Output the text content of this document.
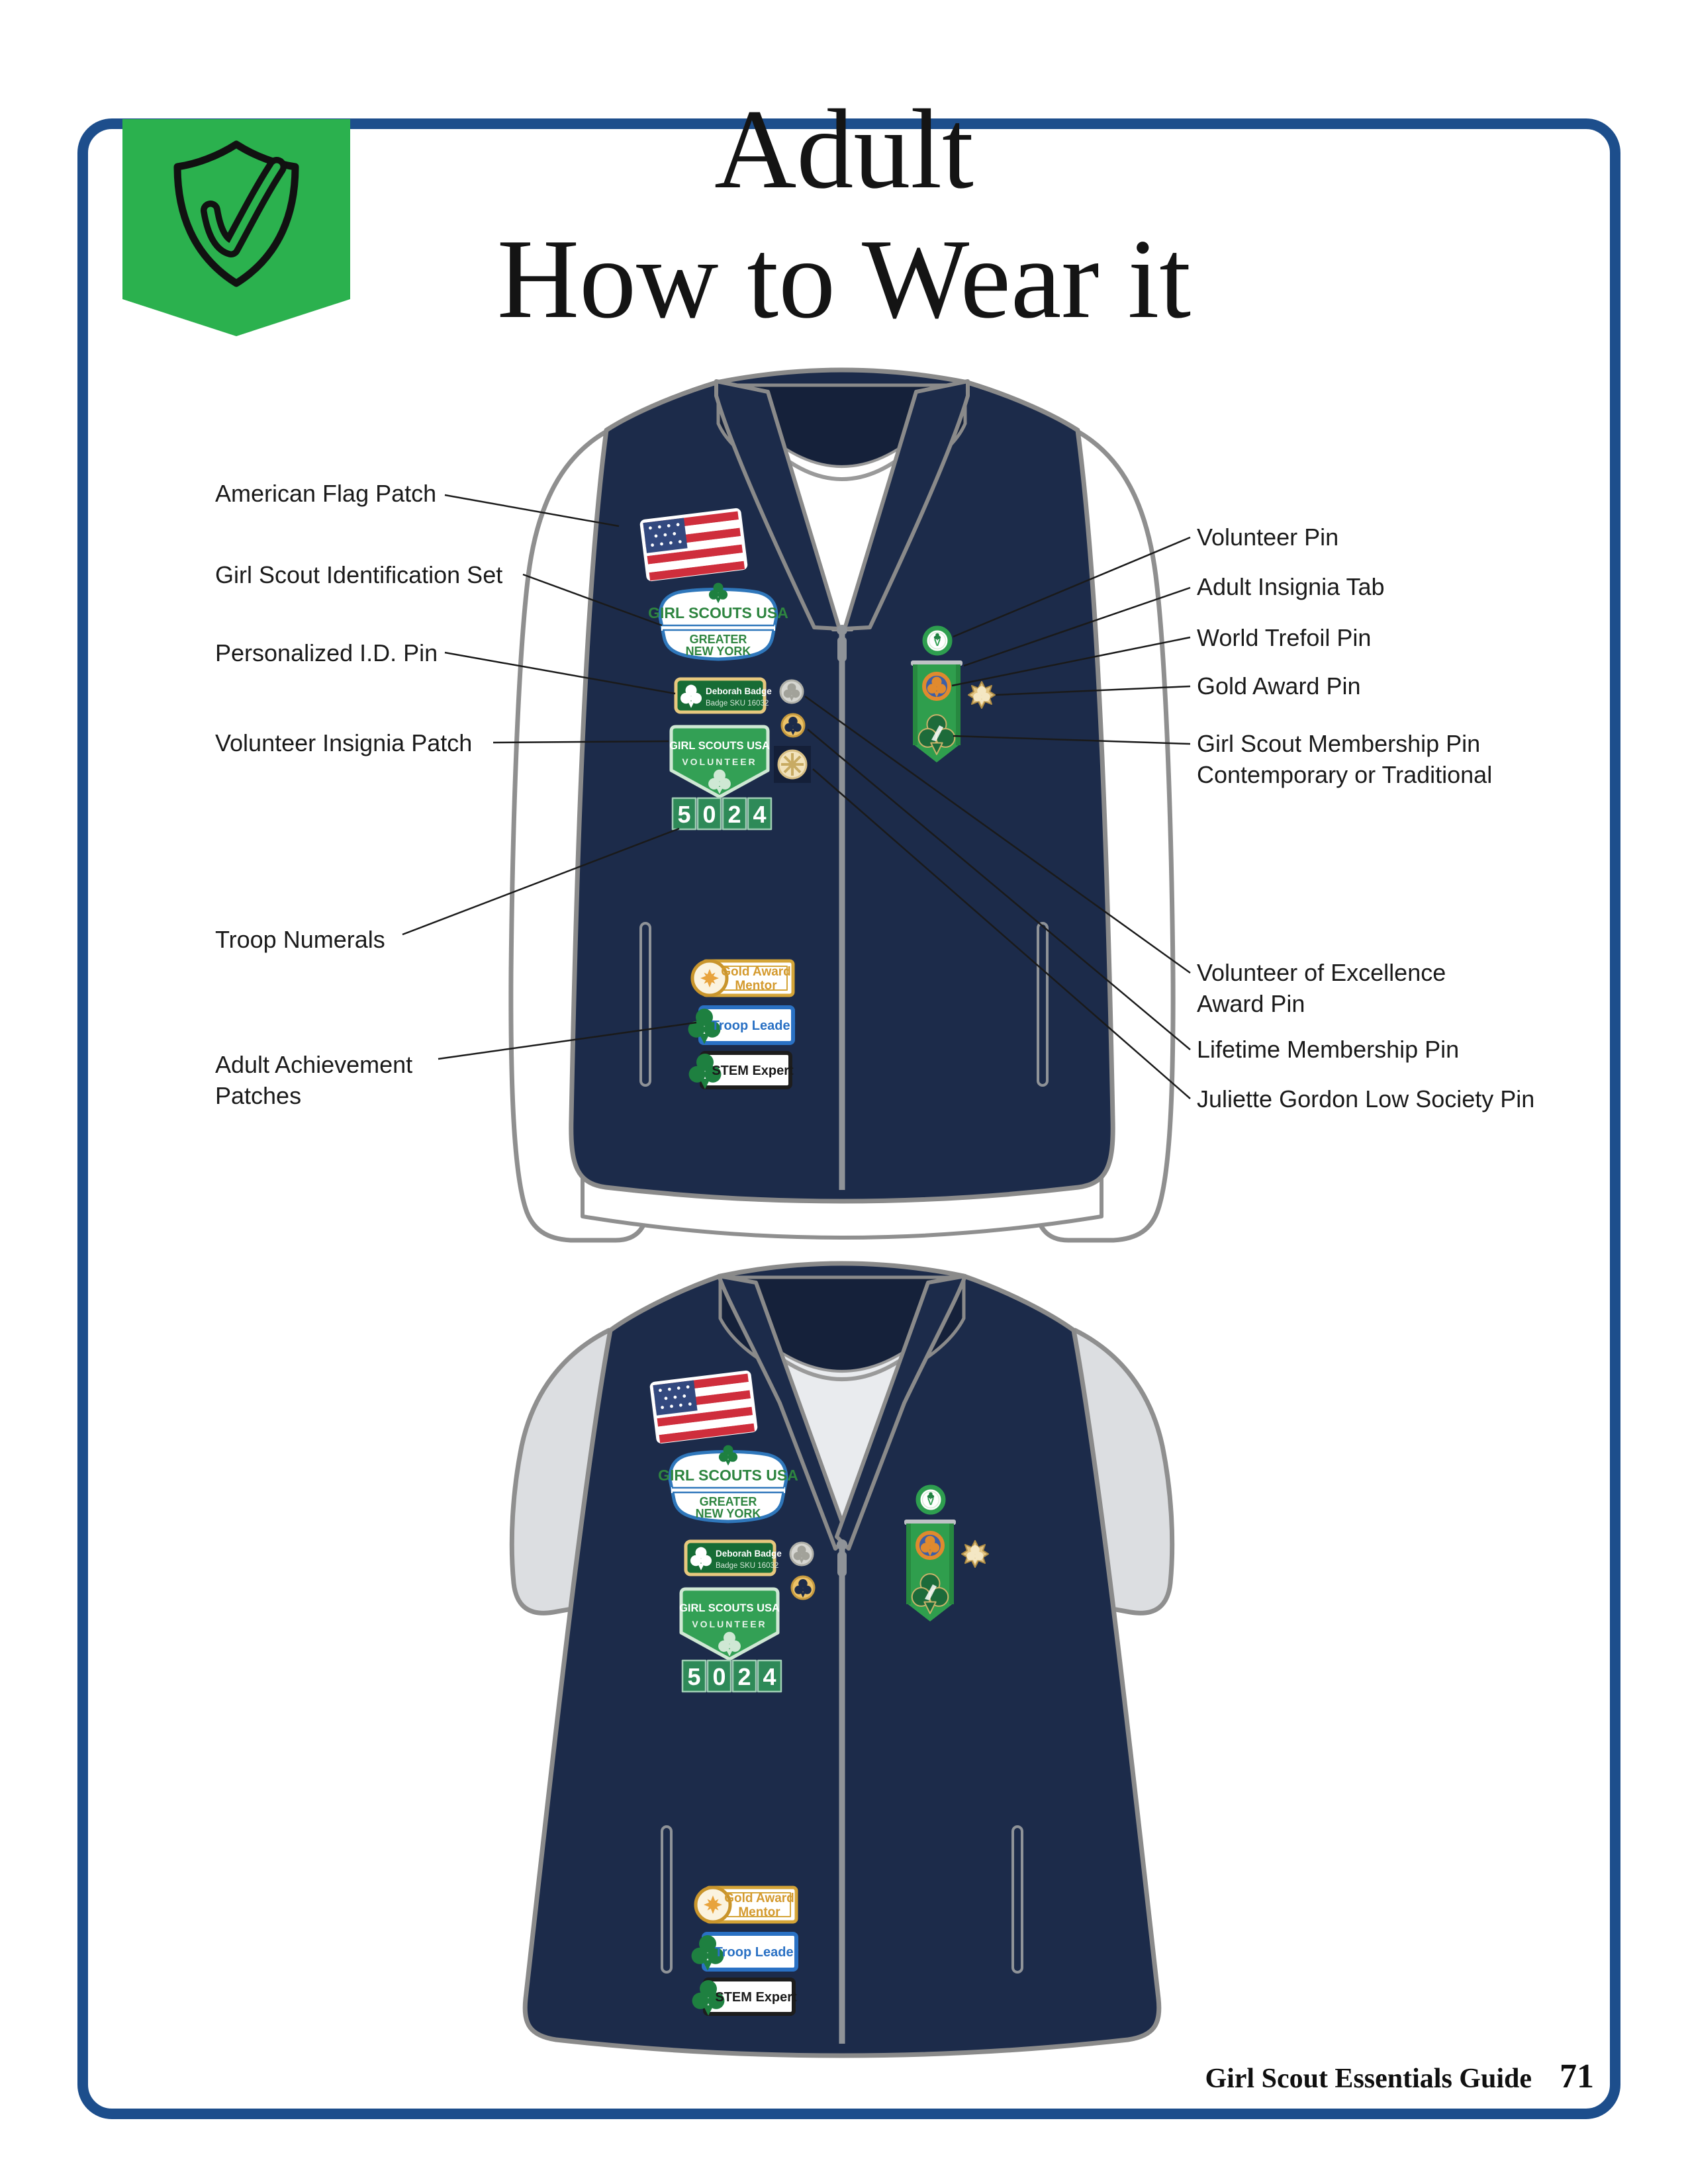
Adult
How to Wear it
American Flag Patch
Girl Scout Identification Set
Personalized I.D. Pin
Volunteer Insignia Patch
Troop Numerals
Adult Achievement
Patches
Volunteer Pin
Adult Insignia Tab
World Trefoil Pin
Gold Award Pin
Girl Scout Membership Pin
Contemporary or Traditional
Volunteer of Excellence
Award Pin
Lifetime Membership Pin
Juliette Gordon Low Society Pin
Girl Scout Essentials Guide 71
